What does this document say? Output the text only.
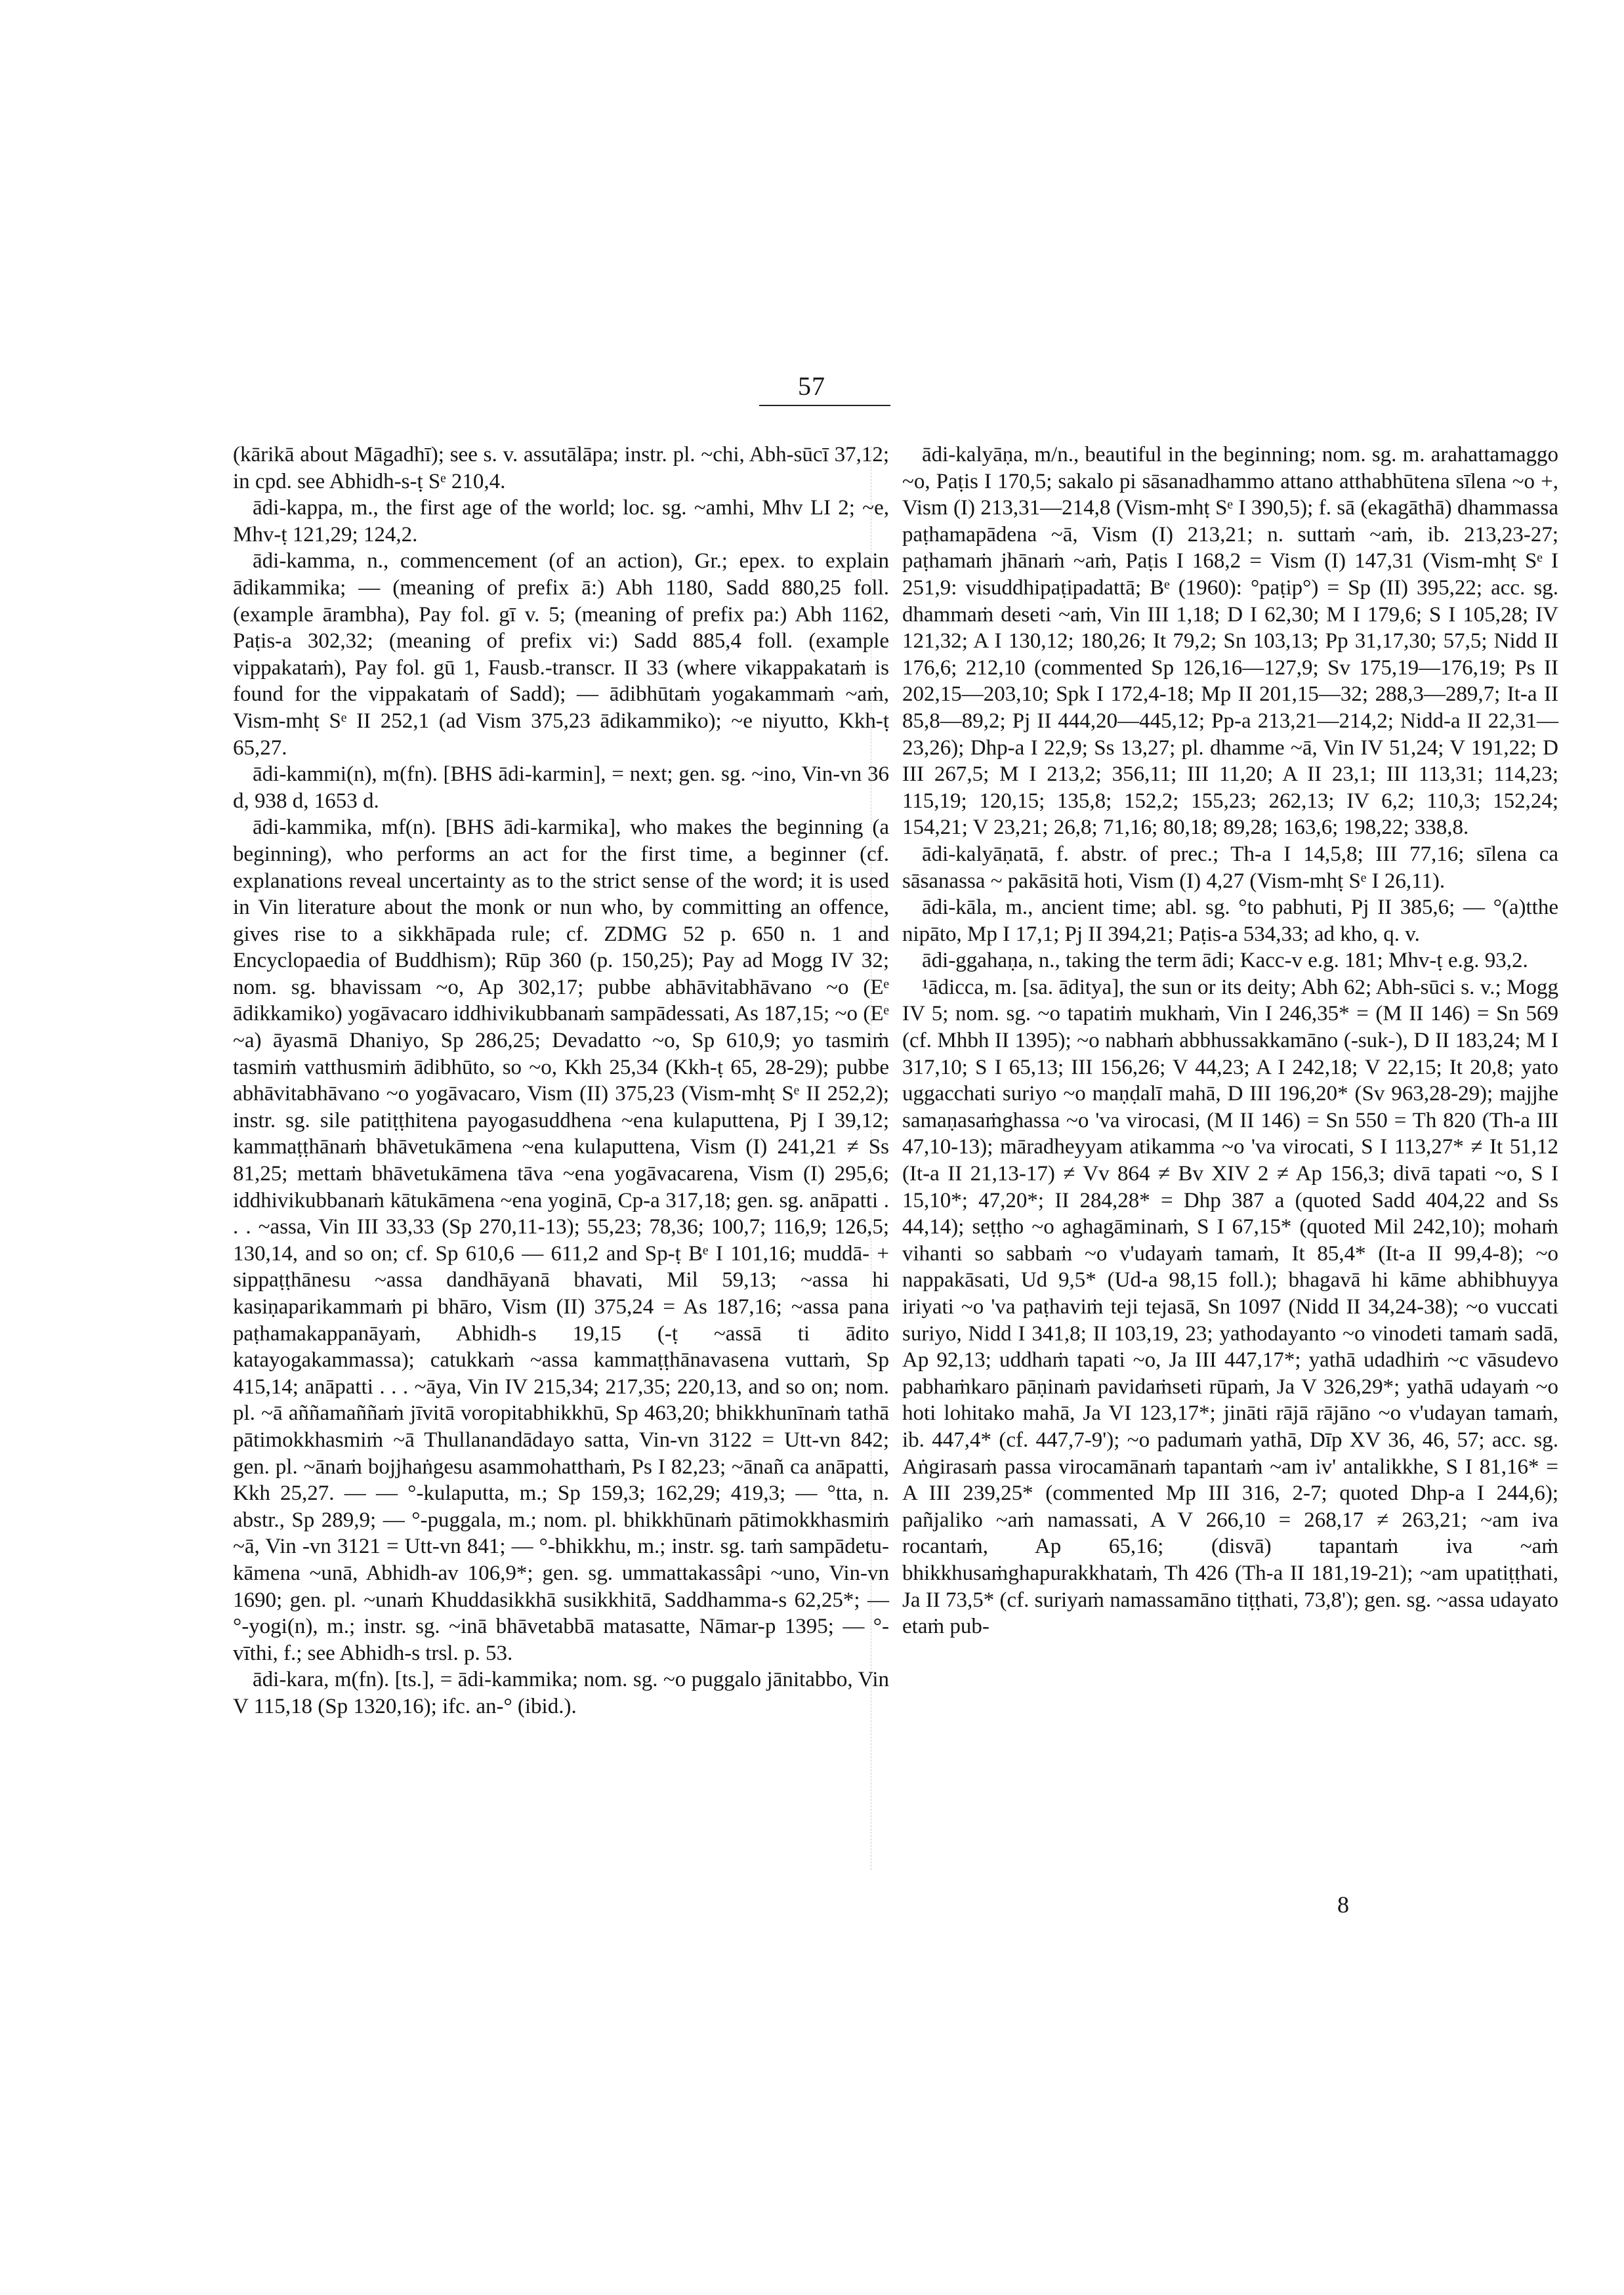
57

(kārikā about Māgadhī); see s. v. assutālāpa; instr. pl. ~chi, Abh-sūcī 37,12; in cpd. see Abhidh-s-ṭ Sᵉ 210,4.

ādi-kappa, m., the first age of the world; loc. sg. ~amhi, Mhv LI 2; ~e, Mhv-ṭ 121,29; 124,2.

ādi-kamma, n., commencement (of an action), Gr.; epex. to explain ādikammika; — (meaning of prefix ā:) Abh 1180, Sadd 880,25 foll. (example ārambha), Pay fol. gī v. 5; (meaning of prefix pa:) Abh 1162, Paṭis-a 302,32; (meaning of prefix vi:) Sadd 885,4 foll. (example vippakataṁ), Pay fol. gū 1, Fausb.-transcr. II 33 (where vikappakataṁ is found for the vippakataṁ of Sadd); — ādibhūtaṁ yogakammaṁ ~aṁ, Vism-mhṭ Sᵉ II 252,1 (ad Vism 375,23 ādikammiko); ~e niyutto, Kkh-ṭ 65,27.

ādi-kammi(n), m(fn). [BHS ādi-karmin], = next; gen. sg. ~ino, Vin-vn 36 d, 938 d, 1653 d.

ādi-kammika, mf(n). [BHS ādi-karmika], who makes the beginning (a beginning), who performs an act for the first time, a beginner (cf. explanations reveal uncertainty as to the strict sense of the word; it is used in Vin literature about the monk or nun who, by committing an offence, gives rise to a sikkhāpada rule; cf. ZDMG 52 p. 650 n. 1 and Encyclopaedia of Buddhism); Rūp 360 (p. 150,25); Pay ad Mogg IV 32; nom. sg. bhavissam ~o, Ap 302,17; pubbe abhāvitabhāvano ~o (Eᵉ ādikkamiko) yogāvacaro iddhivikubbanaṁ sampādessati, As 187,15; ~o (Eᵉ ~a) āyasmā Dhaniyo, Sp 286,25; Devadatto ~o, Sp 610,9; yo tasmiṁ tasmiṁ vatthusmiṁ ādibhūto, so ~o, Kkh 25,34 (Kkh-ṭ 65, 28-29); pubbe abhāvitabhāvano ~o yogāvacaro, Vism (II) 375,23 (Vism-mhṭ Sᵉ II 252,2); instr. sg. sile patiṭṭhitena payogasuddhena ~ena kulaputtena, Pj I 39,12; kammaṭṭhānaṁ bhāvetukāmena ~ena kulaputtena, Vism (I) 241,21 ≠ Ss 81,25; mettaṁ bhāvetukāmena tāva ~ena yogāvacarena, Vism (I) 295,6; iddhivikubbanaṁ kātukāmena ~ena yoginā, Cp-a 317,18; gen. sg. anāpatti . . . ~assa, Vin III 33,33 (Sp 270,11-13); 55,23; 78,36; 100,7; 116,9; 126,5; 130,14, and so on; cf. Sp 610,6 — 611,2 and Sp-ṭ Bᵉ I 101,16; muddā- + sippaṭṭhānesu ~assa dandhāyanā bhavati, Mil 59,13; ~assa hi kasiṇaparikammaṁ pi bhāro, Vism (II) 375,24 = As 187,16; ~assa pana paṭhamakappanāyaṁ, Abhidh-s 19,15 (-ṭ ~assā ti ādito katayogakammassa); catukkaṁ ~assa kammaṭṭhānavasena vuttaṁ, Sp 415,14; anāpatti . . . ~āya, Vin IV 215,34; 217,35; 220,13, and so on; nom. pl. ~ā aññamaññaṁ jīvitā voropitabhikkhū, Sp 463,20; bhikkhunīnaṁ tathā pātimokkhasmiṁ ~ā Thullanandādayo satta, Vin-vn 3122 = Utt-vn 842; gen. pl. ~ānaṁ bojjhaṅgesu asammohatthaṁ, Ps I 82,23; ~ānañ ca anāpatti, Kkh 25,27. — — °-kulaputta, m.; Sp 159,3; 162,29; 419,3; — °tta, n. abstr., Sp 289,9; — °-puggala, m.; nom. pl. bhikkhūnaṁ pātimokkhasmiṁ ~ā, Vin -vn 3121 = Utt-vn 841; — °-bhikkhu, m.; instr. sg. taṁ sampādetu-kāmena ~unā, Abhidh-av 106,9*; gen. sg. ummattakassâpi ~uno, Vin-vn 1690; gen. pl. ~unaṁ Khuddasikkhā susikkhitā, Saddhamma-s 62,25*; — °-yogi(n), m.; instr. sg. ~inā bhāvetabbā matasatte, Nāmar-p 1395; — °-vīthi, f.; see Abhidh-s trsl. p. 53.

ādi-kara, m(fn). [ts.], = ādi-kammika; nom. sg. ~o puggalo jānitabbo, Vin V 115,18 (Sp 1320,16); ifc. an-° (ibid.).

ādi-kalyāṇa, m/n., beautiful in the beginning; nom. sg. m. arahattamaggo ~o, Paṭis I 170,5; sakalo pi sāsanadhammo attano atthabhūtena sīlena ~o +, Vism (I) 213,31—214,8 (Vism-mhṭ Sᵉ I 390,5); f. sā (ekagāthā) dhammassa paṭhamapādena ~ā, Vism (I) 213,21; n. suttaṁ ~aṁ, ib. 213,23-27; paṭhamaṁ jhānaṁ ~aṁ, Paṭis I 168,2 = Vism (I) 147,31 (Vism-mhṭ Sᵉ I 251,9: visuddhipaṭipadattā; Bᵉ (1960): °paṭip°) = Sp (II) 395,22; acc. sg. dhammaṁ deseti ~aṁ, Vin III 1,18; D I 62,30; M I 179,6; S I 105,28; IV 121,32; A I 130,12; 180,26; It 79,2; Sn 103,13; Pp 31,17,30; 57,5; Nidd II 176,6; 212,10 (commented Sp 126,16—127,9; Sv 175,19—176,19; Ps II 202,15—203,10; Spk I 172,4-18; Mp II 201,15—32; 288,3—289,7; It-a II 85,8—89,2; Pj II 444,20—445,12; Pp-a 213,21—214,2; Nidd-a II 22,31—23,26); Dhp-a I 22,9; Ss 13,27; pl. dhamme ~ā, Vin IV 51,24; V 191,22; D III 267,5; M I 213,2; 356,11; III 11,20; A II 23,1; III 113,31; 114,23; 115,19; 120,15; 135,8; 152,2; 155,23; 262,13; IV 6,2; 110,3; 152,24; 154,21; V 23,21; 26,8; 71,16; 80,18; 89,28; 163,6; 198,22; 338,8.

ādi-kalyāṇatā, f. abstr. of prec.; Th-a I 14,5,8; III 77,16; sīlena ca sāsanassa ~ pakāsitā hoti, Vism (I) 4,27 (Vism-mhṭ Sᵉ I 26,11).

ādi-kāla, m., ancient time; abl. sg. °to pabhuti, Pj II 385,6; — °(a)tthe nipāto, Mp I 17,1; Pj II 394,21; Paṭis-a 534,33; ad kho, q. v.

ādi-ggahaṇa, n., taking the term ādi; Kacc-v e.g. 181; Mhv-ṭ e.g. 93,2.

¹ādicca, m. [sa. āditya], the sun or its deity; Abh 62; Abh-sūci s. v.; Mogg IV 5; nom. sg. ~o tapatiṁ mukhaṁ, Vin I 246,35* = (M II 146) = Sn 569 (cf. Mhbh II 1395); ~o nabhaṁ abbhussakkamāno (-suk-), D II 183,24; M I 317,10; S I 65,13; III 156,26; V 44,23; A I 242,18; V 22,15; It 20,8; yato uggacchati suriyo ~o maṇḍalī mahā, D III 196,20* (Sv 963,28-29); majjhe samaṇasaṁghassa ~o 'va virocasi, (M II 146) = Sn 550 = Th 820 (Th-a III 47,10-13); māradheyyam atikamma ~o 'va virocati, S I 113,27* ≠ It 51,12 (It-a II 21,13-17) ≠ Vv 864 ≠ Bv XIV 2 ≠ Ap 156,3; divā tapati ~o, S I 15,10*; 47,20*; II 284,28* = Dhp 387 a (quoted Sadd 404,22 and Ss 44,14); seṭṭho ~o aghagāminaṁ, S I 67,15* (quoted Mil 242,10); mohaṁ vihanti so sabbaṁ ~o v'udayaṁ tamaṁ, It 85,4* (It-a II 99,4-8); ~o nappakāsati, Ud 9,5* (Ud-a 98,15 foll.); bhagavā hi kāme abhibhuyya iriyati ~o 'va paṭhaviṁ teji tejasā, Sn 1097 (Nidd II 34,24-38); ~o vuccati suriyo, Nidd I 341,8; II 103,19, 23; yathodayanto ~o vinodeti tamaṁ sadā, Ap 92,13; uddhaṁ tapati ~o, Ja III 447,17*; yathā udadhiṁ ~c vāsudevo pabhaṁkaro pāṇinaṁ pavidaṁseti rūpaṁ, Ja V 326,29*; yathā udayaṁ ~o hoti lohitako mahā, Ja VI 123,17*; jināti rājā rājāno ~o v'udayan tamaṁ, ib. 447,4* (cf. 447,7-9'); ~o padumaṁ yathā, Dīp XV 36, 46, 57; acc. sg. Aṅgirasaṁ passa virocamānaṁ tapantaṁ ~am iv' antalikkhe, S I 81,16* = A III 239,25* (commented Mp III 316, 2-7; quoted Dhp-a I 244,6); pañjaliko ~aṁ namassati, A V 266,10 = 268,17 ≠ 263,21; ~am iva rocantaṁ, Ap 65,16; (disvā) tapantaṁ iva ~aṁ bhikkhusaṁghapurakkhataṁ, Th 426 (Th-a II 181,19-21); ~am upatiṭṭhati, Ja II 73,5* (cf. suriyaṁ namassamāno tiṭṭhati, 73,8'); gen. sg. ~assa udayato etaṁ pub-

8
